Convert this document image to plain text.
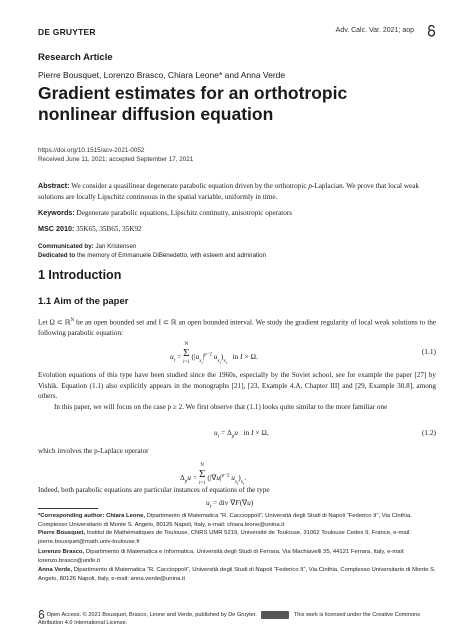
DE GRUYTER	Adv. Calc. Var. 2021; aop
Research Article
Pierre Bousquet, Lorenzo Brasco, Chiara Leone* and Anna Verde
Gradient estimates for an orthotropic
nonlinear diffusion equation
https://doi.org/10.1515/acv-2021-0052
Received June 11, 2021; accepted September 17, 2021
Abstract: We consider a quasilinear degenerate parabolic equation driven by the orthotropic p-Laplacian. We prove that local weak solutions are locally Lipschitz continuous in the spatial variable, uniformly in time.
Keywords: Degenerate parabolic equations, Lipschitz continuity, anisotropic operators
MSC 2010: 35K65, 35B65, 35K92
Communicated by: Jan Kristensen
Dedicated to the memory of Emmanuele DiBenedetto, with esteem and admiration
1 Introduction
1.1 Aim of the paper
Let Ω ⊂ ℝ$^N$ be an open bounded set and I ⊂ ℝ an open bounded interval. We study the gradient regularity of local weak solutions to the following parabolic equation:
$u_t$ =
N
Σ
i=1
($|u_{x_i}|^{p-2}$ $u_{x_i})_{x_i}$   in I × Ω.
(1.1)
Evolution equations of this type have been studied since the 1960s, especially by the Soviet school, see for example the paper [27] by Vishik. Equation (1.1) also explicitly appears in the monographs [21], [23, Example 4.A, Chapter III] and [29, Example 30.8], among others.
In this paper, we will focus on the case p ≥ 2. We first observe that (1.1) looks quite similar to the more familiar one
$u_t = \Delta_pu$   in I × Ω,	(1.2)
which involves the p-Laplace operator
$\Delta_pu$ =
N
Σ
i=1
($|\nabla u|^{p-2}$ $u_{x_i})_{x_i}$.
Indeed, both parabolic equations are particular instances of equations of the type
$u_t$ = div ∇F(∇u)
*Corresponding author: Chiara Leone, Dipartimento di Matematica “R. Caccioppoli”, Università degli Studi di Napoli “Federico II”, Via Cinthia, Complesso Universitario di Monte S. Angelo, 80126 Napoli, Italy, e-mail: chiara.leone@unina.it
Pierre Bousquet, Institut de Mathématiques de Toulouse, CNRS UMR 5219, Université de Toulouse, 31062 Toulouse Cedex 9, France, e-mail: pierre.bousquet@math.univ-toulouse.fr
Lorenzo Brasco, Dipartimento di Matematica e Informatica, Università degli Studi di Ferrara, Via Machiavelli 35, 44121 Ferrara, Italy, e-mail: lorenzo.brasco@unife.it
Anna Verde, Dipartimento di Matematica “R. Caccioppoli”, Università degli Studi di Napoli “Federico II”, Via Cinthia, Complesso Universitario di Monte S. Angelo, 80126 Napoli, Italy, e-mail: anna.verde@unina.it
Open Access. © 2021 Bousquet, Brasco, Leone and Verde, published by De Gruyter.	This work is licensed under the Creative Commons Attribution 4.0 International License.
